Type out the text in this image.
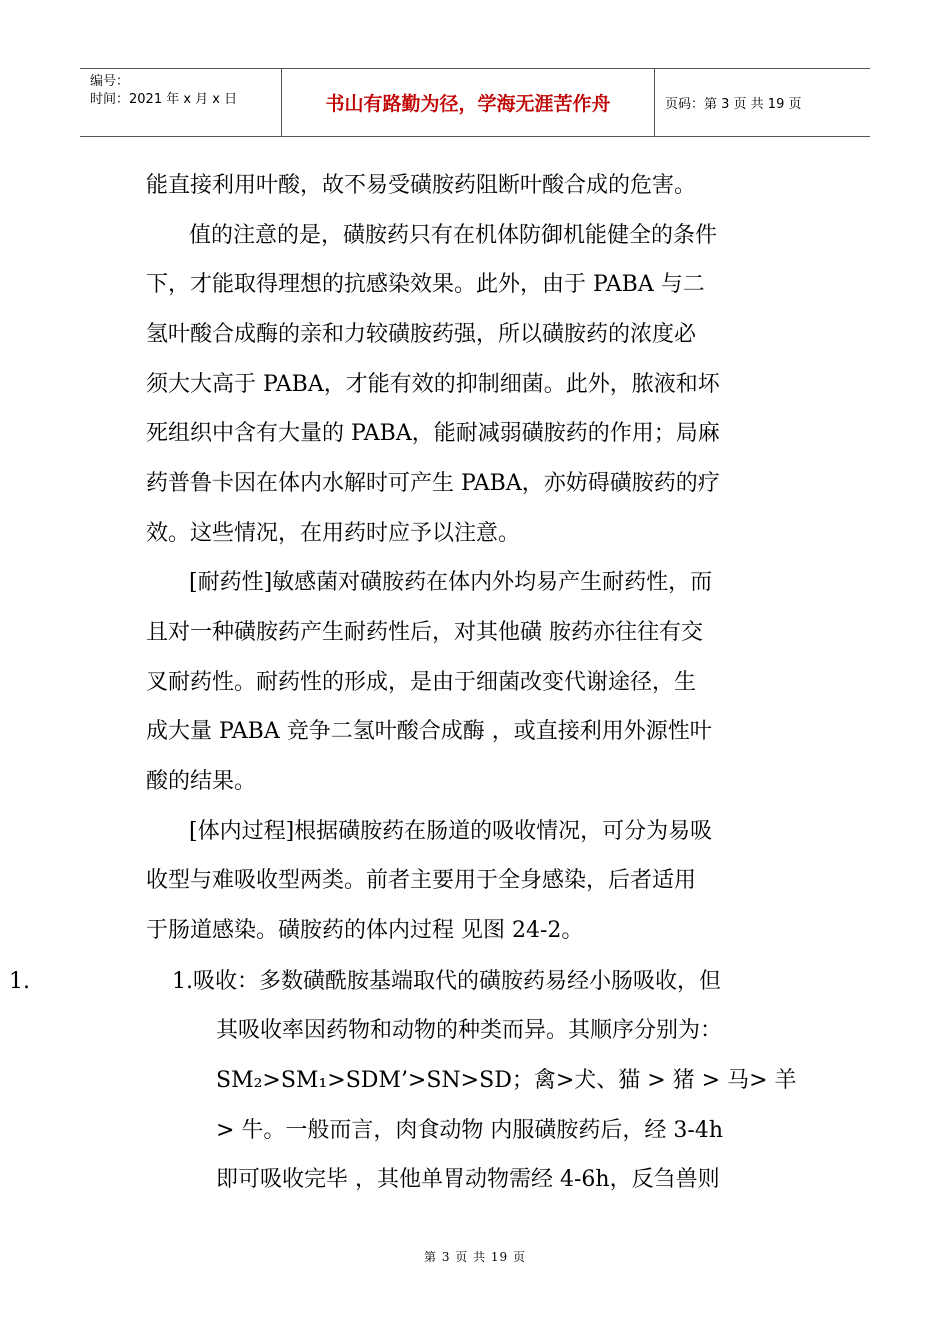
编号：
时间：2021 年 x 月 x 日	书山有路勤为径，学海无涯苦作舟	页码：第 3 页 共 19 页
能直接利用叶酸，故不易受磺胺药阻断叶酸合成的危害。
值的注意的是，磺胺药只有在机体防御机能健全的条件
下，才能取得理想的抗感染效果。此外，由于 PABA 与二
氢叶酸合成酶的亲和力较磺胺药强，所以磺胺药的浓度必
须大大高于 PABA，才能有效的抑制细菌。此外，脓液和坏
死组织中含有大量的 PABA，能耐减弱磺胺药的作用；局麻
药普鲁卡因在体内水解时可产生 PABA，亦妨碍磺胺药的疗
效。这些情况，在用药时应予以注意。
[耐药性]敏感菌对磺胺药在体内外均易产生耐药性，而
且对一种磺胺药产生耐药性后，对其他磺 胺药亦往往有交
叉耐药性。耐药性的形成，是由于细菌改变代谢途径，生
成大量 PABA 竞争二氢叶酸合成酶 ，或直接利用外源性叶
酸的结果。
[体内过程]根据磺胺药在肠道的吸收情况，可分为易吸
收型与难吸收型两类。前者主要用于全身感染，后者适用
于肠道感染。磺胺药的体内过程 见图 24-2。
1.	1.吸收：多数磺酰胺基端取代的磺胺药易经小肠吸收，但
其吸收率因药物和动物的种类而异。其顺序分别为：
SM₂>SM₁>SDM’>SN>SD；禽>犬、猫 > 猪 > 马> 羊
> 牛。一般而言，肉食动物 内服磺胺药后，经 3-4h
即可吸收完毕 ，其他单胃动物需经 4-6h，反刍兽则
第 3 页 共 19 页
